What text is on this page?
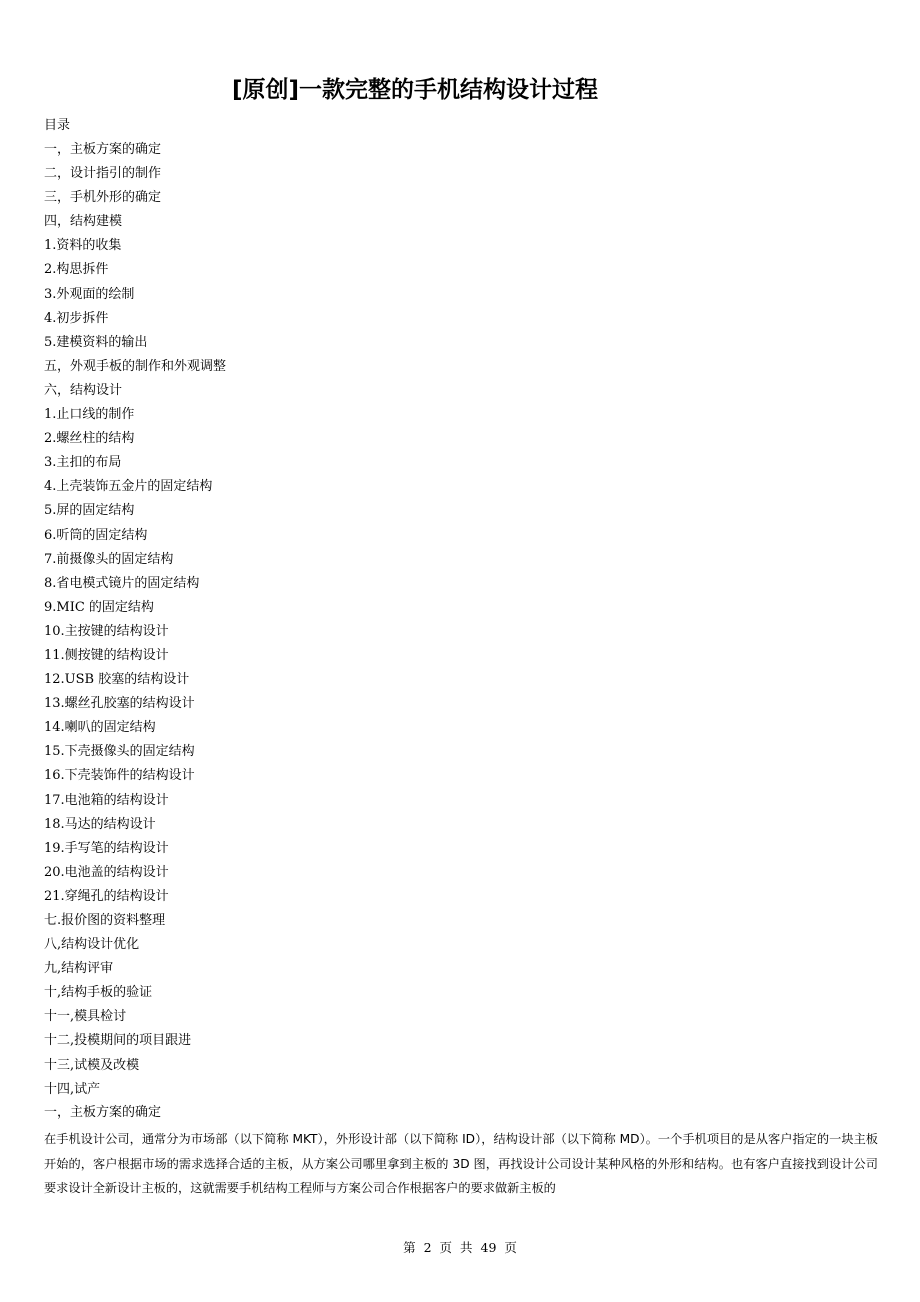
[原创]一款完整的手机结构设计过程
目录
一，主板方案的确定
二，设计指引的制作
三，手机外形的确定
四，结构建模
1.资料的收集
2.构思拆件
3.外观面的绘制
4.初步拆件
5.建模资料的输出
五，外观手板的制作和外观调整
六，结构设计
1.止口线的制作
2.螺丝柱的结构
3.主扣的布局
4.上壳装饰五金片的固定结构
5.屏的固定结构
6.听筒的固定结构
7.前摄像头的固定结构
8.省电模式镜片的固定结构
9.MIC 的固定结构
10.主按键的结构设计
11.侧按键的结构设计
12.USB 胶塞的结构设计
13.螺丝孔胶塞的结构设计
14.喇叭的固定结构
15.下壳摄像头的固定结构
16.下壳装饰件的结构设计
17.电池箱的结构设计
18.马达的结构设计
19.手写笔的结构设计
20.电池盖的结构设计
21.穿绳孔的结构设计
七.报价图的资料整理
八,结构设计优化
九,结构评审
十,结构手板的验证
十一,模具检讨
十二,投模期间的项目跟进
十三,试模及改模
十四,试产
一，主板方案的确定

在手机设计公司，通常分为市场部（以下简称 MKT），外形设计部（以下简称 ID），结构设计部（以下简称 MD）。一个手机项目的是从客户指定的一块主板开始的，客户根据市场的需求选择合适的主板，从方案公司哪里拿到主板的 3D 图，再找设计公司设计某种风格的外形和结构。也有客户直接找到设计公司要求设计全新设计主板的，这就需要手机结构工程师与方案公司合作根据客户的要求做新主板的

第 2 页 共 49 页
